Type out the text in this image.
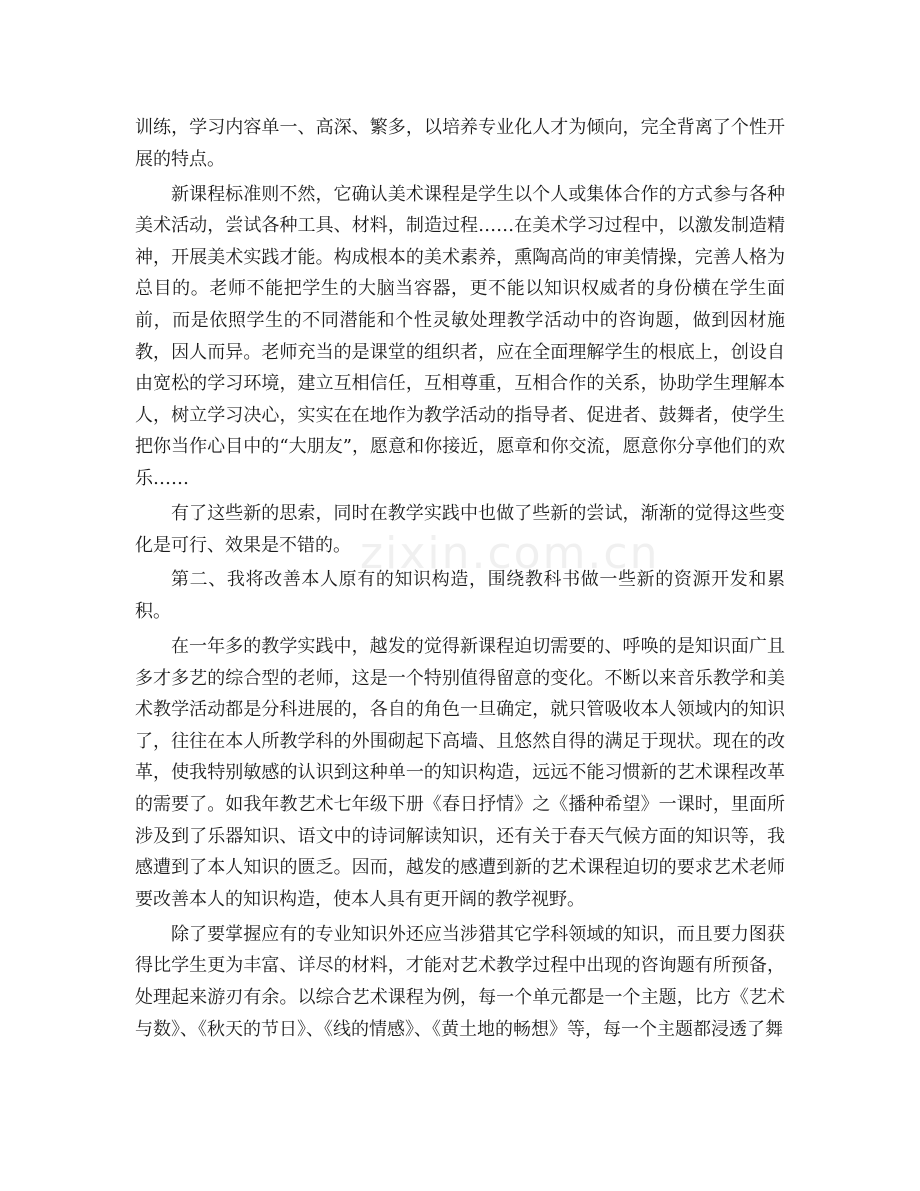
训练，学习内容单一、高深、繁多，以培养专业化人才为倾向，完全背离了个性开展的特点。

新课程标准则不然，它确认美术课程是学生以个人或集体合作的方式参与各种美术活动，尝试各种工具、材料，制造过程……在美术学习过程中，以激发制造精神，开展美术实践才能。构成根本的美术素养，熏陶高尚的审美情操，完善人格为总目的。老师不能把学生的大脑当容器，更不能以知识权威者的身份横在学生面前，而是依照学生的不同潜能和个性灵敏处理教学活动中的咨询题，做到因材施教，因人而异。老师充当的是课堂的组织者，应在全面理解学生的根底上，创设自由宽松的学习环境，建立互相信任，互相尊重，互相合作的关系，协助学生理解本人，树立学习决心，实实在在地作为教学活动的指导者、促进者、鼓舞者，使学生把你当作心目中的“大朋友”，愿意和你接近，愿章和你交流，愿意你分享他们的欢乐……

有了这些新的思索，同时在教学实践中也做了些新的尝试，渐渐的觉得这些变化是可行、效果是不错的。

第二、我将改善本人原有的知识构造，围绕教科书做一些新的资源开发和累积。

在一年多的教学实践中，越发的觉得新课程迫切需要的、呼唤的是知识面广且多才多艺的综合型的老师，这是一个特别值得留意的变化。不断以来音乐教学和美术教学活动都是分科进展的，各自的角色一旦确定，就只管吸收本人领域内的知识了，往往在本人所教学科的外围砌起下高墙、且悠然自得的满足于现状。现在的改革，使我特别敏感的认识到这种单一的知识构造，远远不能习惯新的艺术课程改革的需要了。如我年教艺术七年级下册《春日抒情》之《播种希望》一课时，里面所涉及到了乐器知识、语文中的诗词解读知识，还有关于春天气候方面的知识等，我感遭到了本人知识的匮乏。因而，越发的感遭到新的艺术课程迫切的要求艺术老师要改善本人的知识构造，使本人具有更开阔的教学视野。

除了要掌握应有的专业知识外还应当涉猎其它学科领域的知识，而且要力图获得比学生更为丰富、详尽的材料，才能对艺术教学过程中出现的咨询题有所预备，处理起来游刃有余。以综合艺术课程为例，每一个单元都是一个主题，比方《艺术与数》、《秋天的节日》、《线的情感》、《黄土地的畅想》等，每一个主题都浸透了舞

zixin.com.cn
